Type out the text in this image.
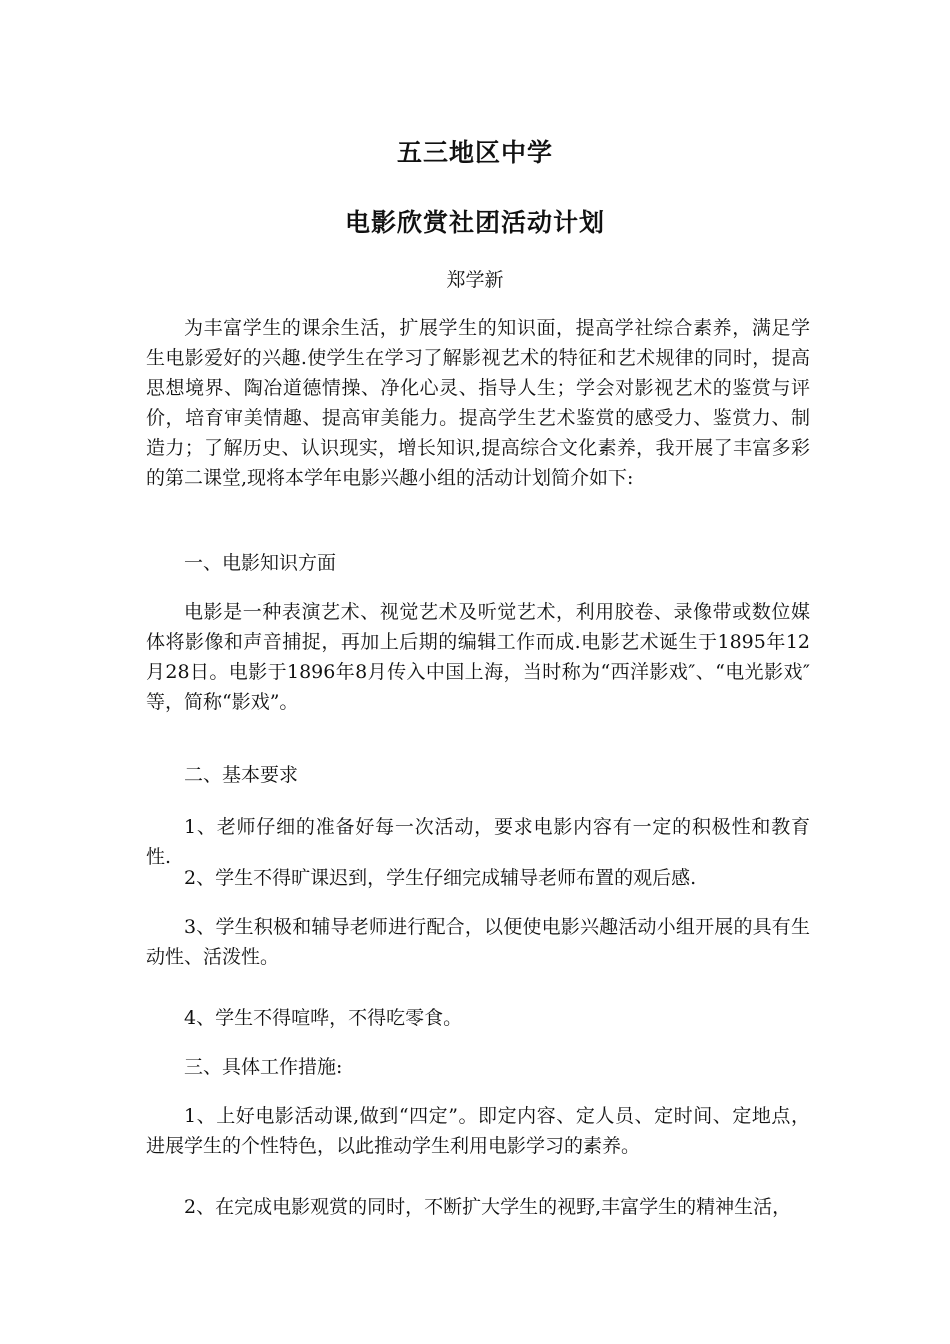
五三地区中学
电影欣赏社团活动计划
郑学新
为丰富学生的课余生活，扩展学生的知识面，提高学社综合素养，满足学生电影爱好的兴趣.使学生在学习了解影视艺术的特征和艺术规律的同时，提高思想境界、陶冶道德情操、净化心灵、指导人生；学会对影视艺术的鉴赏与评价，培育审美情趣、提高审美能力。提高学生艺术鉴赏的感受力、鉴赏力、制造力；了解历史、认识现实，增长知识,提高综合文化素养，我开展了丰富多彩的第二课堂,现将本学年电影兴趣小组的活动计划简介如下:
一、电影知识方面
电影是一种表演艺术、视觉艺术及听觉艺术，利用胶卷、录像带或数位媒体将影像和声音捕捉，再加上后期的编辑工作而成.电影艺术诞生于1895年12月28日。电影于1896年8月传入中国上海，当时称为“西洋影戏″、“电光影戏″等，简称“影戏”。
二、基本要求
1、老师仔细的准备好每一次活动，要求电影内容有一定的积极性和教育性.
2、学生不得旷课迟到，学生仔细完成辅导老师布置的观后感.
3、学生积极和辅导老师进行配合，以便使电影兴趣活动小组开展的具有生动性、活泼性。
4、学生不得喧哗，不得吃零食。
三、具体工作措施:
1、上好电影活动课,做到“四定”。即定内容、定人员、定时间、定地点，进展学生的个性特色，以此推动学生利用电影学习的素养。
2、在完成电影观赏的同时，不断扩大学生的视野,丰富学生的精神生活，
